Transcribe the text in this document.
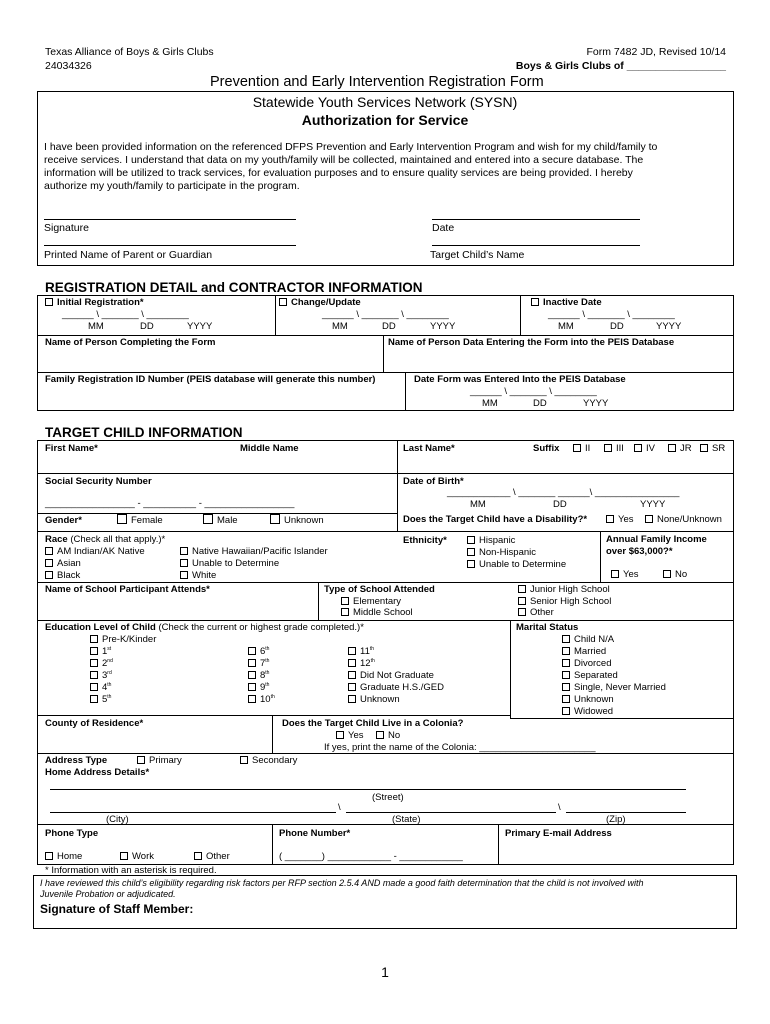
Texas Alliance of Boys & Girls Clubs
24034326
Form 7482 JD, Revised 10/14
Boys & Girls Clubs of _________________
Prevention and Early Intervention Registration Form
Statewide Youth Services Network (SYSN)
Authorization for Service
I have been provided information on the referenced DFPS Prevention and Early Intervention Program and wish for my child/family to
receive services. I understand that data on my youth/family will be collected, maintained and entered into a secure database. The
information will be utilized to track services, for evaluation purposes and to ensure quality services are being provided. I hereby
authorize my youth/family to participate in the program.
Signature	Date
Printed Name of Parent or Guardian	Target Child’s Name
REGISTRATION DETAIL and CONTRACTOR INFORMATION
Initial Registration*
______ \ _______ \ ________
MM	DD	YYYY
Change/Update
______ \ _______ \ ________
MM	DD	YYYY
Inactive Date
______ \ _______ \ ________
MM	DD	YYYY
Name of Person Completing the Form	Name of Person Data Entering the Form into the PEIS Database
Family Registration ID Number (PEIS database will generate this number)	Date Form was Entered Into the PEIS Database
______ \ _______ \ ________
MM	DD	YYYY
TARGET CHILD INFORMATION
First Name*	Middle Name	Last Name*	Suffix	II	III	IV	JR	SR
Social Security Number
_________________ - __________ - _________________
Date of Birth*
____________ \ _______ ______\ ________________
MM	DD	YYYY
Gender*	Female	Male	Unknown	Does the Target Child have a Disability?*	Yes	None/Unknown
Race (Check all that apply.)*
AM Indian/AK Native
Asian
Black
Native Hawaiian/Pacific Islander
Unable to Determine
White
Ethnicity*	Hispanic
Non-Hispanic
Unable to Determine
Annual Family Income
over $63,000?*
Yes	No
Name of School Participant Attends*	Type of School Attended
Elementary
Middle School
Junior High School
Senior High School
Other
Education Level of Child (Check the current or highest grade completed.)*
Pre-K/Kinder
1st
2nd
3rd
4th
5th
6th
7th
8th
9th
10th
11th
12th
Did Not Graduate
Graduate H.S./GED
Unknown
Marital Status
Child N/A
Married
Divorced
Separated
Single, Never Married
Unknown
Widowed
County of Residence*	Does the Target Child Live in a Colonia?
Yes	No
If yes, print the name of the Colonia: ______________________
Address Type	Primary	Secondary
Home Address Details*
(Street)
\	\
(City)	(State)	(Zip)
Phone Type	Phone Number*	Primary E-mail Address
Home	Work	Other	( _______) ____________ - ____________
* Information with an asterisk is required.
I have reviewed this child’s eligibility regarding risk factors per RFP section 2.5.4 AND made a good faith determination that the child is not involved with
Juvenile Probation or adjudicated.
Signature of Staff Member:
1
